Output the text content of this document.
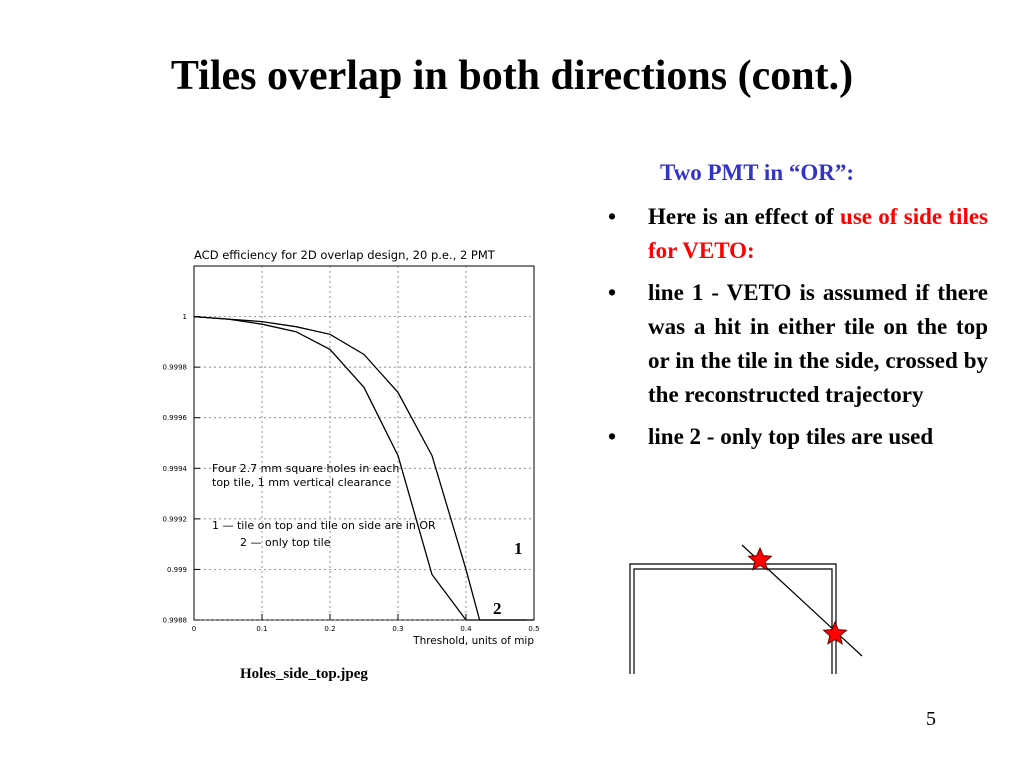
Tiles overlap in both directions (cont.)
Two PMT in “OR”:
• Here is an effect of use of side tiles for VETO:
• line 1 - VETO is assumed if there was a hit in either tile on the top or in the tile in the side, crossed by the reconstructed trajectory
• line 2 - only top tiles are used
ACD efficiency for 2D overlap design, 20 p.e., 2 PMT
0	0.1	0.2	0.3	0.4	0.5
0.9988
0.999
0.9992
0.9994
0.9996
0.9998
1
Four 2.7 mm square holes in each
top tile, 1 mm vertical clearance
1 — tile on top and tile on side are in OR
2 — only top tile	1
2
Threshold, units of mip
Holes_side_top.jpeg
5
